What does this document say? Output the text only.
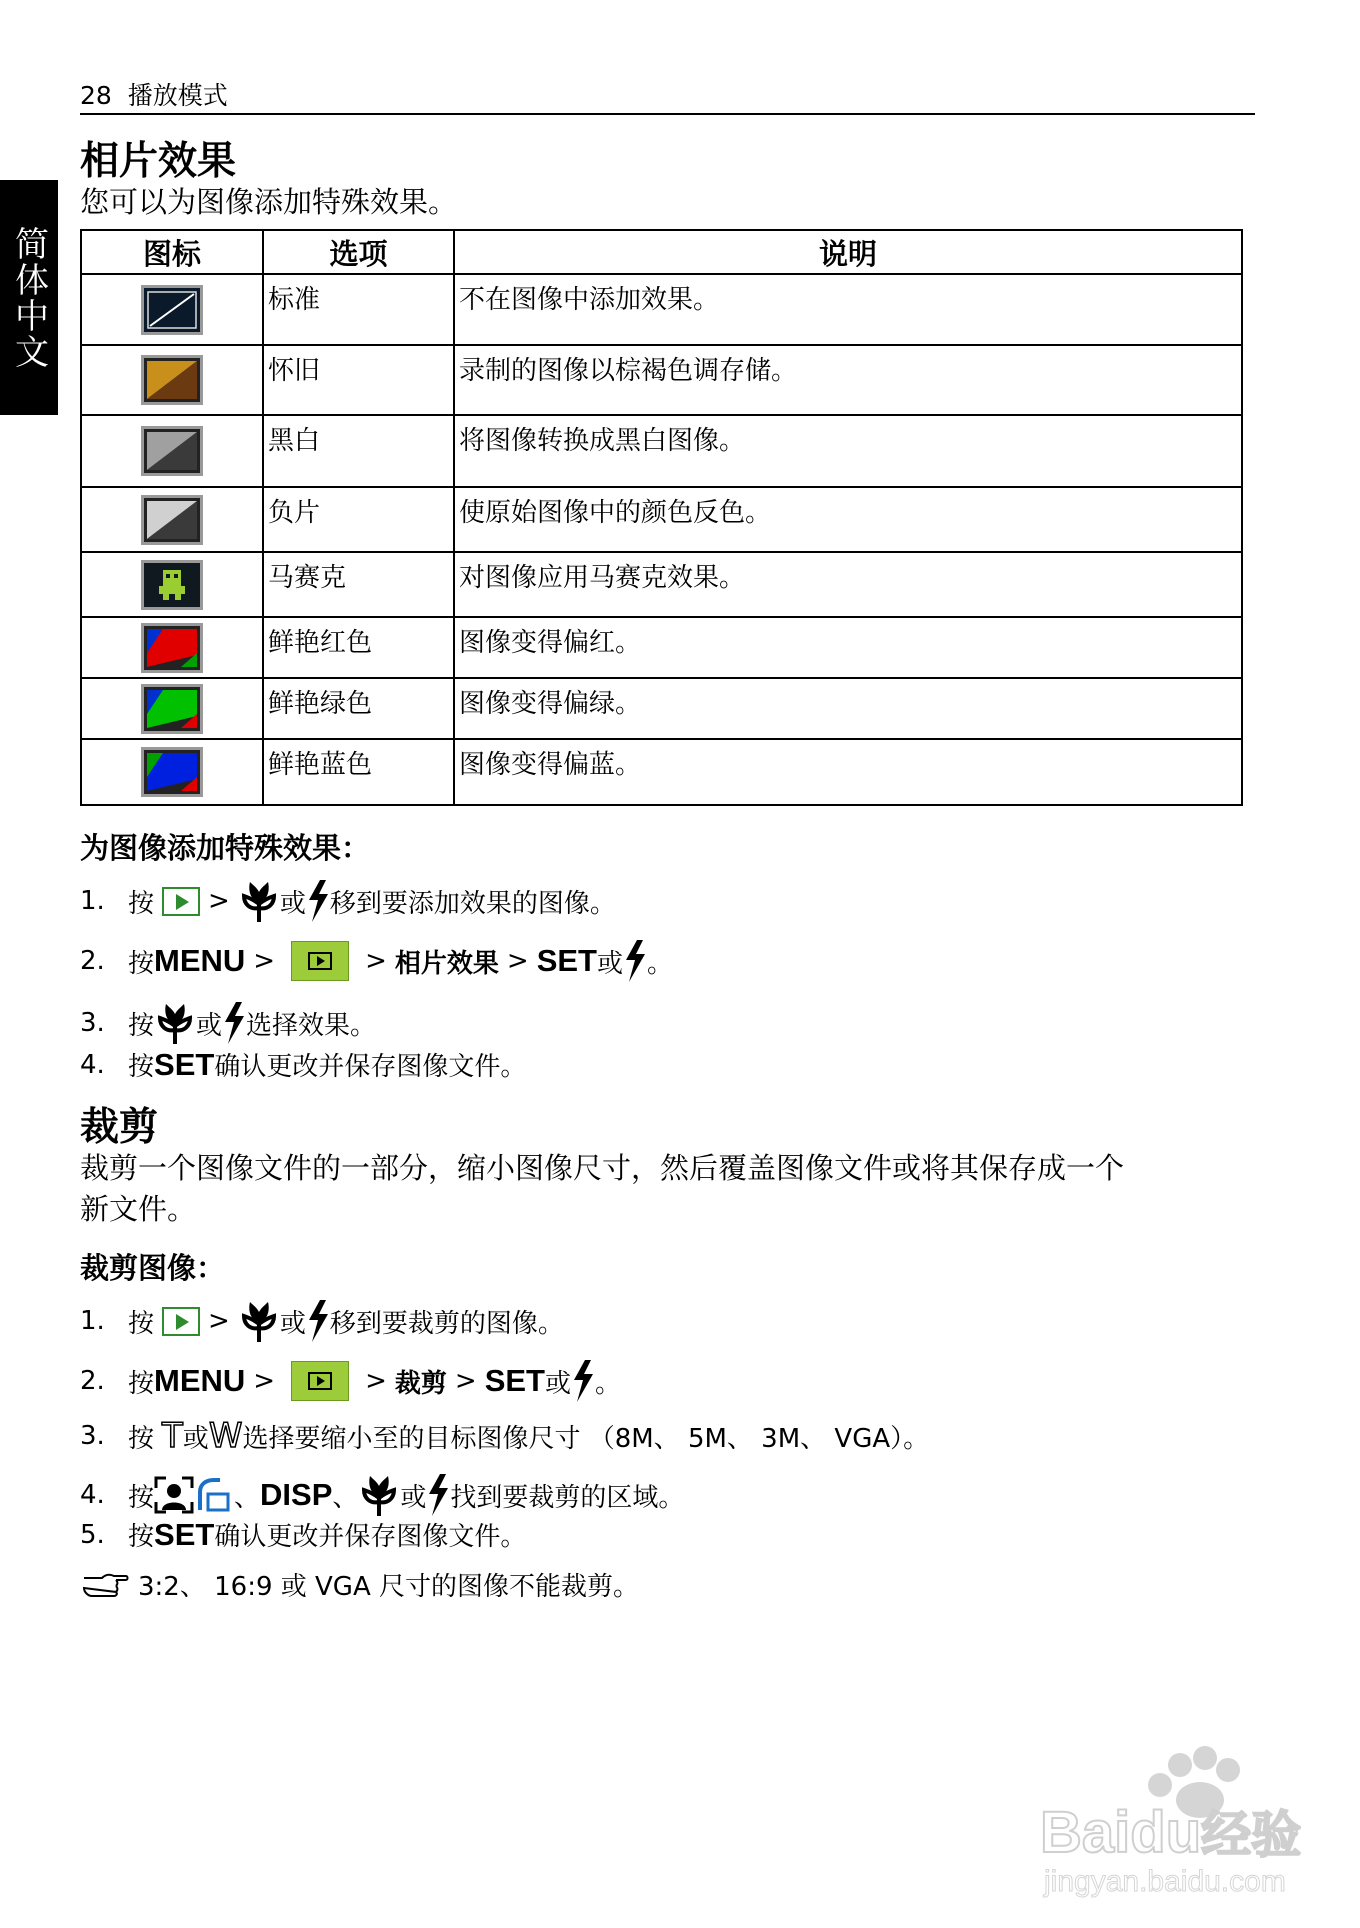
简体中文
28 播放模式
相片效果
您可以为图像添加特殊效果。
图标	选项	说明
	标准	不在图像中添加效果。
	怀旧	录制的图像以棕褐色调存储。
	黑白	将图像转换成黑白图像。
	负片	使原始图像中的颜色反色。
	马赛克	对图像应用马赛克效果。
	鲜艳红色	图像变得偏红。
	鲜艳绿色	图像变得偏绿。
	鲜艳蓝色	图像变得偏蓝。
为图像添加特殊效果：
1. 按 > 或 移到要添加效果的图像。
2. 按 MENU >	> 相片效果 > SET 或 。
3. 按 或 选择效果。
4. 按 SET 确认更改并保存图像文件。
裁剪
裁剪一个图像文件的一部分，缩小图像尺寸，然后覆盖图像文件或将其保存成一个
新文件。
裁剪图像：
1. 按 > 或 移到要裁剪的图像。
2. 按 MENU >	> 裁剪 > SET 或 。
3. 按 T 或 W 选择要缩小至的目标图像尺寸 （8M、 5M、 3M、 VGA）。
4. 按	、 DISP 、 或 找到要裁剪的区域。
5. 按 SET 确认更改并保存图像文件。
3:2、 16:9 或 VGA 尺寸的图像不能裁剪。
Baidu经验
jingyan.baidu.com
